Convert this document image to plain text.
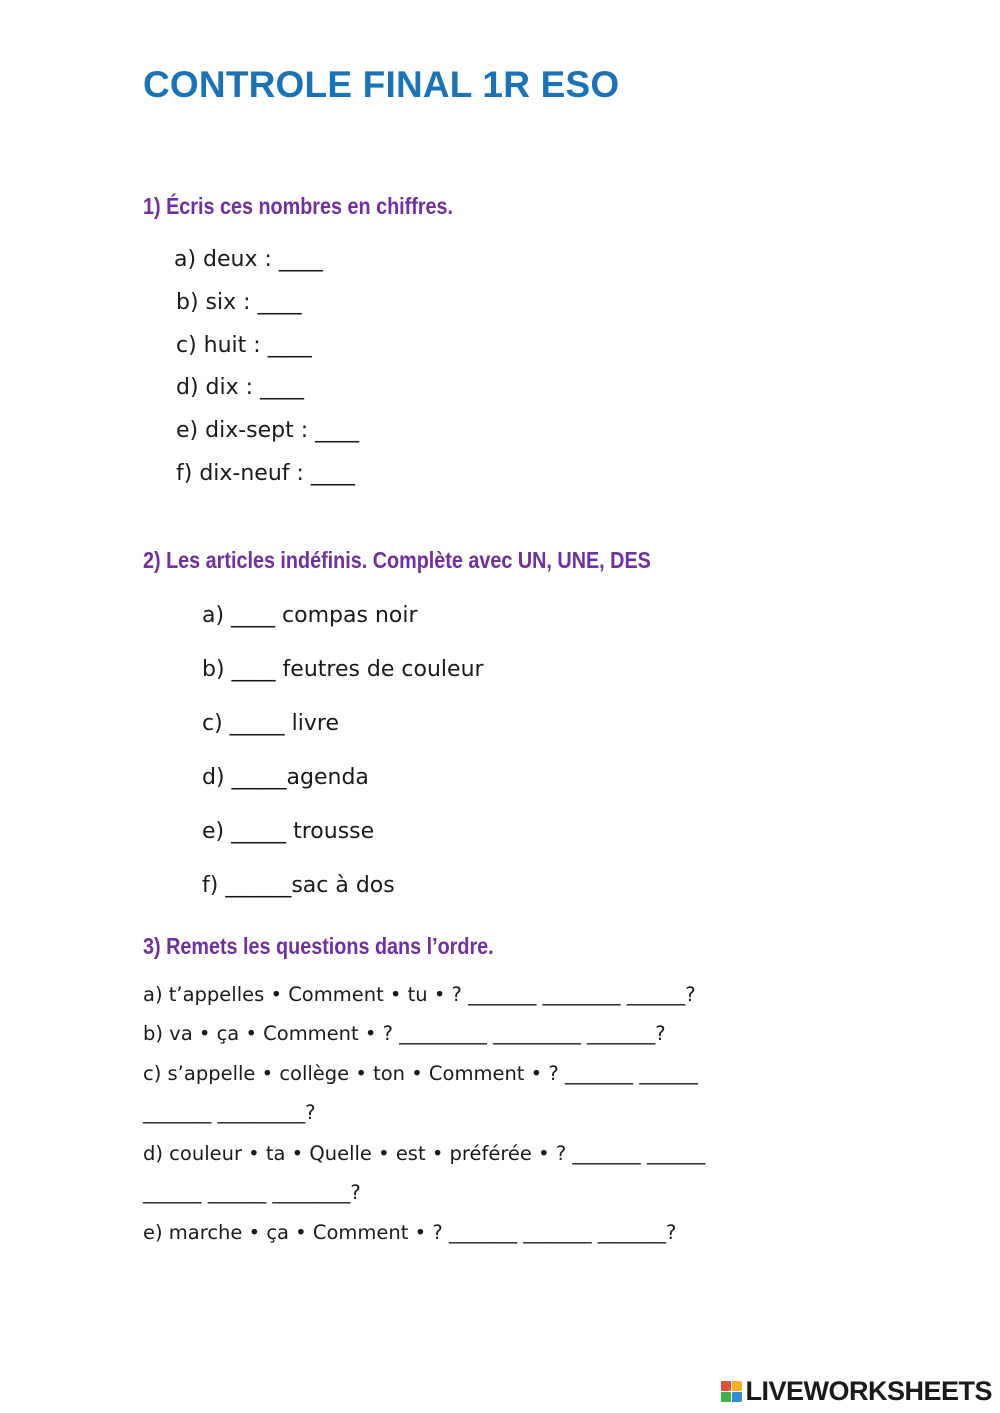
CONTROLE FINAL 1R ESO
1) Écris ces nombres en chiffres.
a) deux : ____
b) six : ____
c) huit : ____
d) dix : ____
e) dix-sept : ____
f) dix-neuf : ____
2) Les articles indéfinis. Complète avec UN, UNE, DES
a) ____ compas noir
b) ____ feutres de couleur
c) _____ livre
d) _____agenda
e) _____ trousse
f) ______sac à dos
3) Remets les questions dans l’ordre.
a) t’appelles • Comment • tu • ? _______ ________ ______?
b) va • ça • Comment • ? _________ _________ _______?
c) s’appelle • collège • ton • Comment • ? _______ ______
_______ _________?
d) couleur • ta • Quelle • est • préférée • ? _______ ______
______ ______ ________?
e) marche • ça • Comment • ? _______ _______ _______?
LIVEWORKSHEETS
